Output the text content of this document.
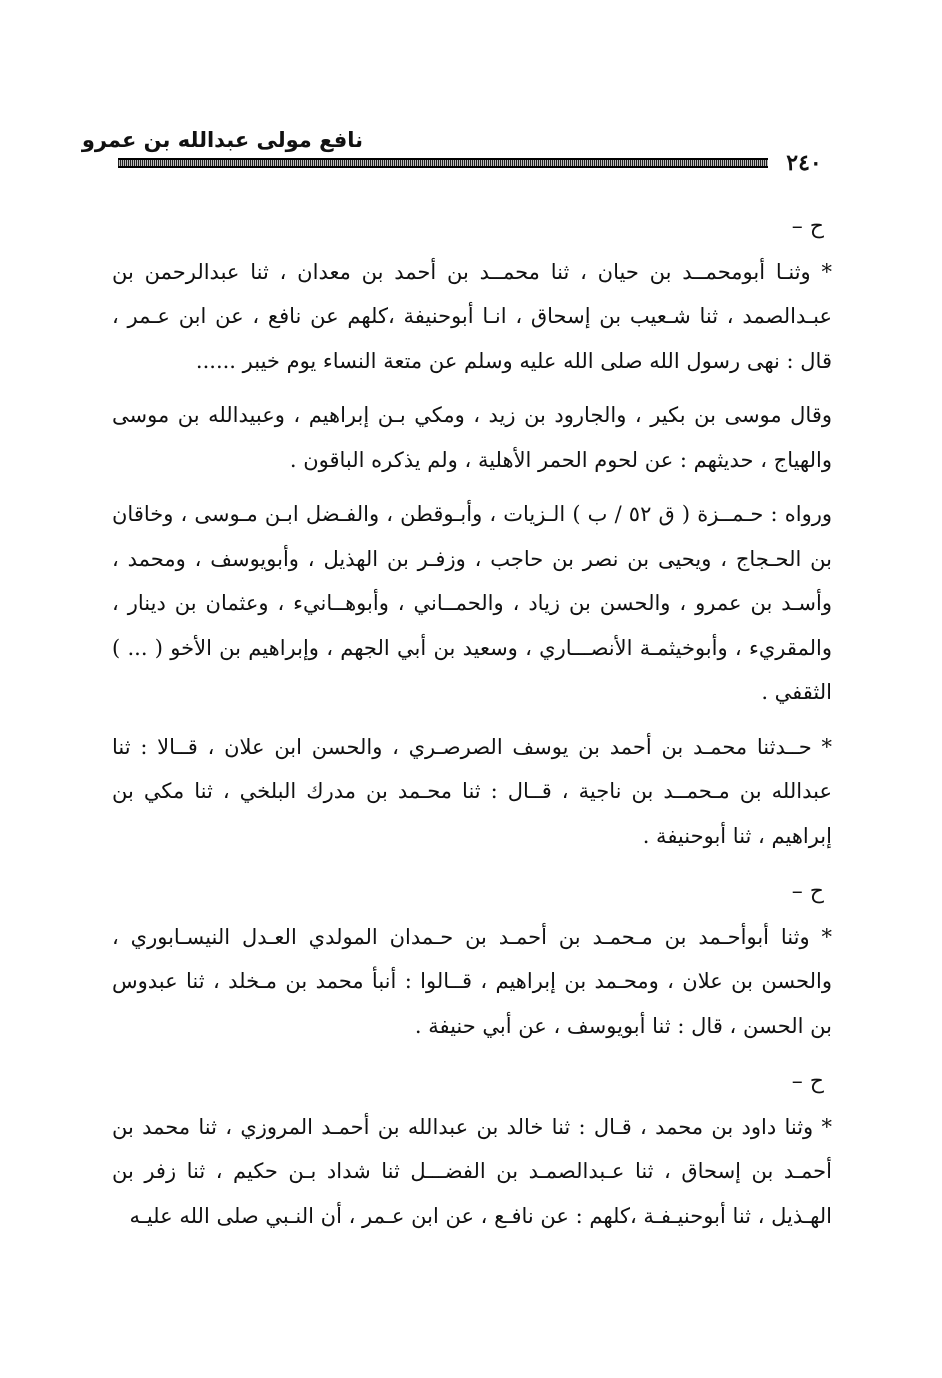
نافع مولى عبدالله بن عمرو
٢٤٠
ح –

* وثنـا أبومحمــد بن حيان ، ثنا محمــد بن أحمد بن معدان ، ثنا عبدالرحمن بن عبـدالصمد ، ثنا شـعيب بن إسحاق ، انـا أبوحنيفة ،كلهم عن نافع ، عن ابن عـمر ، قال : نهى رسول الله صلى الله عليه وسلم عن متعة النساء يوم خيبر ......

وقال موسى بن بكير ، والجارود بن زيد ، ومكي بـن إبراهيم ، وعبيدالله بن موسى والهياج ، حديثهم : عن لحوم الحمر الأهلية ، ولم يذكره الباقون .

ورواه : حـمــزة ( ق ٥٢ / ب ) الـزيات ، وأبـوقطن ، والفـضل ابـن مـوسى ، وخاقان بن الحـجاج ، ويحيى بن نصر بن حاجب ، وزفـر بن الهذيل ، وأبويوسف ، ومحمد ، وأسـد بن عمرو ، والحسن بن زياد ، والحمــاني ، وأبوهــانيء ، وعثمان بن دينار ، والمقريء ، وأبوخيثمـة الأنصـــاري ، وسعيد بن أبي الجهم ، وإبراهيم بن الأخو ( ... ) الثقفي .

* حــدثنا محمـد بن أحمد بن يوسف الصرصـري ، والحسن ابن علان ، قــالا : ثنا عبدالله بن مـحمــد بن ناجية ، قــال : ثنا محـمد بن مدرك البلخي ، ثنا مكي بن إبراهيم ، ثنا أبوحنيفة .

ح –

* وثنا أبوأحـمد بن مـحمـد بن أحمـد بن حـمدان المولدي العـدل النيسـابوري ، والحسن بن علان ، ومحـمد بن إبراهيم ، قــالوا : أنبأ محمد بن مـخلد ، ثنا عبدوس بن الحسن ، قال : ثنا أبويوسف ، عن أبي حنيفة .

ح –

* وثنا داود بن محمد ، قـال : ثنا خالد بن عبدالله بن أحمـد المروزي ، ثنا محمد بن أحمـد بن إسحاق ، ثنا عـبدالصمـد بن الفضـــل ثنا شداد بـن حكيم ، ثنا زفر بن الهـذيل ، ثنا أبوحنيـفـة ،كلهم : عن نافـع ، عن ابن عـمر ، أن النـبي صلى الله عليـه
